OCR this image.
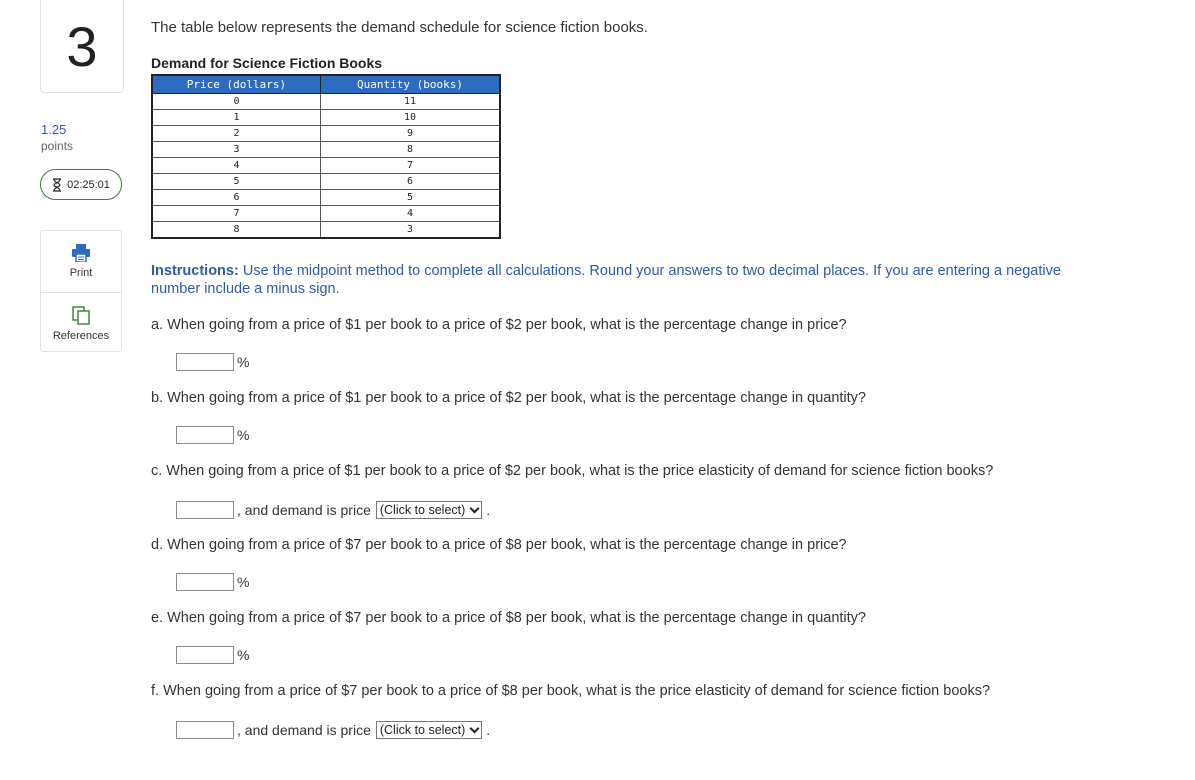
3
1.25
points
02:25:01
Print
References
The table below represents the demand schedule for science fiction books.
Demand for Science Fiction Books
Price (dollars)	Quantity (books)
0	11
1	10
2	9
3	8
4	7
5	6
6	5
7	4
8	3
Instructions: Use the midpoint method to complete all calculations. Round your answers to two decimal places. If you are entering a negative number include a minus sign.
a. When going from a price of $1 per book to a price of $2 per book, what is the percentage change in price?
%
b. When going from a price of $1 per book to a price of $2 per book, what is the percentage change in quantity?
%
c. When going from a price of $1 per book to a price of $2 per book, what is the price elasticity of demand for science fiction books?
, and demand is price (Click to select) .
d. When going from a price of $7 per book to a price of $8 per book, what is the percentage change in price?
%
e. When going from a price of $7 per book to a price of $8 per book, what is the percentage change in quantity?
%
f. When going from a price of $7 per book to a price of $8 per book, what is the price elasticity of demand for science fiction books?
, and demand is price (Click to select) .
